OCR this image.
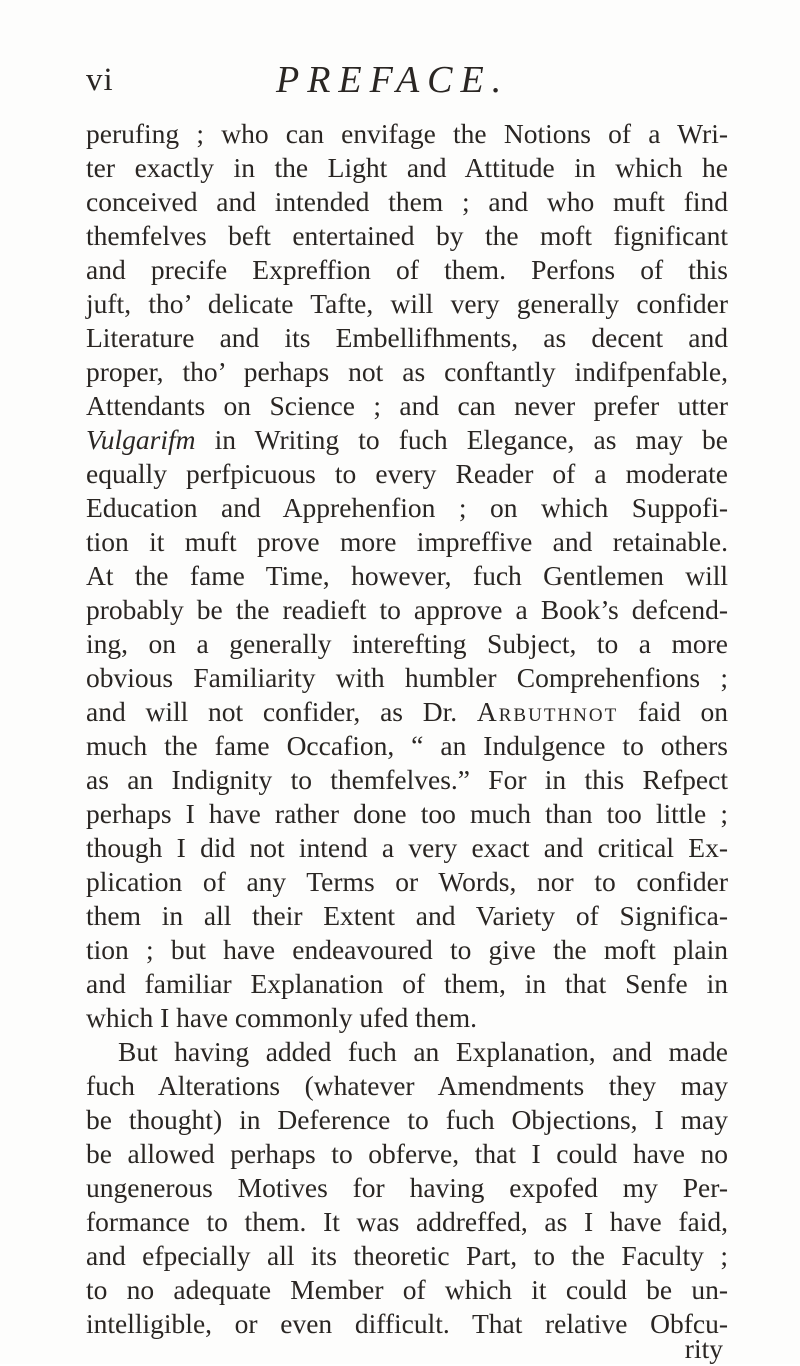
vi	PREFACE.
perufing ; who can envifage the Notions of a Wri-
ter exactly in the Light and Attitude in which he
conceived and intended them ; and who muft find
themfelves beft entertained by the moft fignificant
and precife Expreffion of them. Perfons of this
juft, tho’ delicate Tafte, will very generally confider
Literature and its Embellifhments, as decent and
proper, tho’ perhaps not as conftantly indifpenfable,
Attendants on Science ; and can never prefer utter
Vulgarifm in Writing to fuch Elegance, as may be
equally perfpicuous to every Reader of a moderate
Education and Apprehenfion ; on which Suppofi-
tion it muft prove more impreffive and retainable.
At the fame Time, however, fuch Gentlemen will
probably be the readieft to approve a Book’s defcend-
ing, on a generally interefting Subject, to a more
obvious Familiarity with humbler Comprehenfions ;
and will not confider, as Dr. Arbuthnot faid on
much the fame Occafion, “ an Indulgence to others
as an Indignity to themfelves.” For in this Refpect
perhaps I have rather done too much than too little ;
though I did not intend a very exact and critical Ex-
plication of any Terms or Words, nor to confider
them in all their Extent and Variety of Significa-
tion ; but have endeavoured to give the moft plain
and familiar Explanation of them, in that Senfe in
which I have commonly ufed them.
But having added fuch an Explanation, and made
fuch Alterations (whatever Amendments they may
be thought) in Deference to fuch Objections, I may
be allowed perhaps to obferve, that I could have no
ungenerous Motives for having expofed my Per-
formance to them. It was addreffed, as I have faid,
and efpecially all its theoretic Part, to the Faculty ;
to no adequate Member of which it could be un-
intelligible, or even difficult. That relative Obfcu-
rity
